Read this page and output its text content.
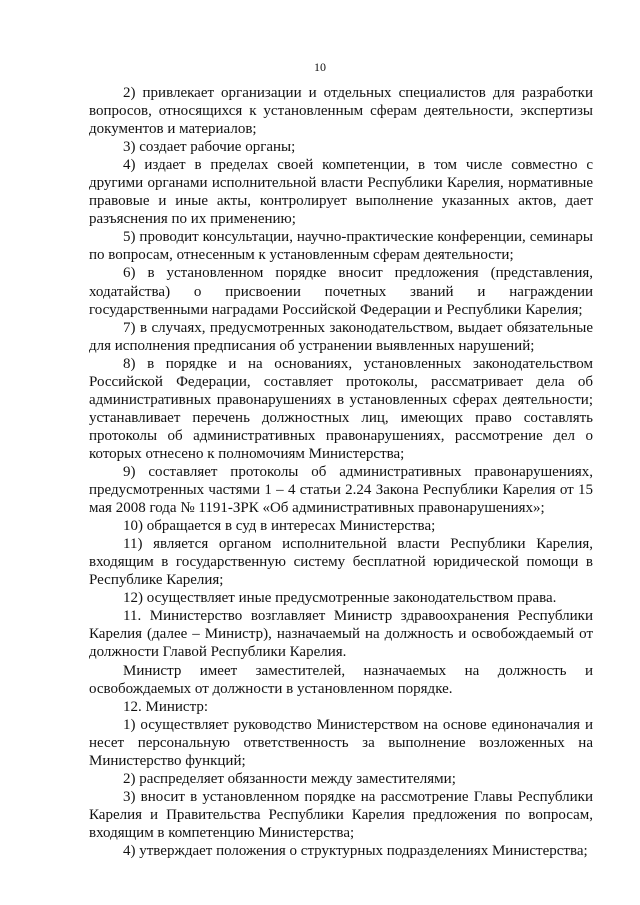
10

2) привлекает организации и отдельных специалистов для разработки вопросов, относящихся к установленным сферам деятельности, экспертизы документов и материалов;

3) создает рабочие органы;

4) издает в пределах своей компетенции, в том числе совместно с другими органами исполнительной власти Республики Карелия, нормативные правовые и иные акты, контролирует выполнение указанных актов, дает разъяснения по их применению;

5) проводит консультации, научно-практические конференции, семинары по вопросам, отнесенным к установленным сферам деятельности;

6) в установленном порядке вносит предложения (представления, ходатайства) о присвоении почетных званий и награждении государственными наградами Российской Федерации и Республики Карелия;

7) в случаях, предусмотренных законодательством, выдает обязательные для исполнения предписания об устранении выявленных нарушений;

8) в порядке и на основаниях, установленных законодательством Российской Федерации, составляет протоколы, рассматривает дела об административных правонарушениях в установленных сферах деятельности; устанавливает перечень должностных лиц, имеющих право составлять протоколы об административных правонарушениях, рассмотрение дел о которых отнесено к полномочиям Министерства;

9) составляет протоколы об административных правонарушениях, предусмотренных частями 1 – 4 статьи 2.24 Закона Республики Карелия от 15 мая 2008 года № 1191-ЗРК «Об административных правонарушениях»;

10) обращается в суд в интересах Министерства;

11) является органом исполнительной власти Республики Карелия, входящим в государственную систему бесплатной юридической помощи в Республике Карелия;

12) осуществляет иные предусмотренные законодательством права.

11. Министерство возглавляет Министр здравоохранения Республики Карелия (далее – Министр), назначаемый на должность и освобождаемый от должности Главой Республики Карелия.

Министр имеет заместителей, назначаемых на должность и освобождаемых от должности в установленном порядке.

12. Министр:

1) осуществляет руководство Министерством на основе единоначалия и несет персональную ответственность за выполнение возложенных на Министерство функций;

2) распределяет обязанности между заместителями;

3) вносит в установленном порядке на рассмотрение Главы Республики Карелия и Правительства Республики Карелия предложения по вопросам, входящим в компетенцию Министерства;

4) утверждает положения о структурных подразделениях Министерства;
